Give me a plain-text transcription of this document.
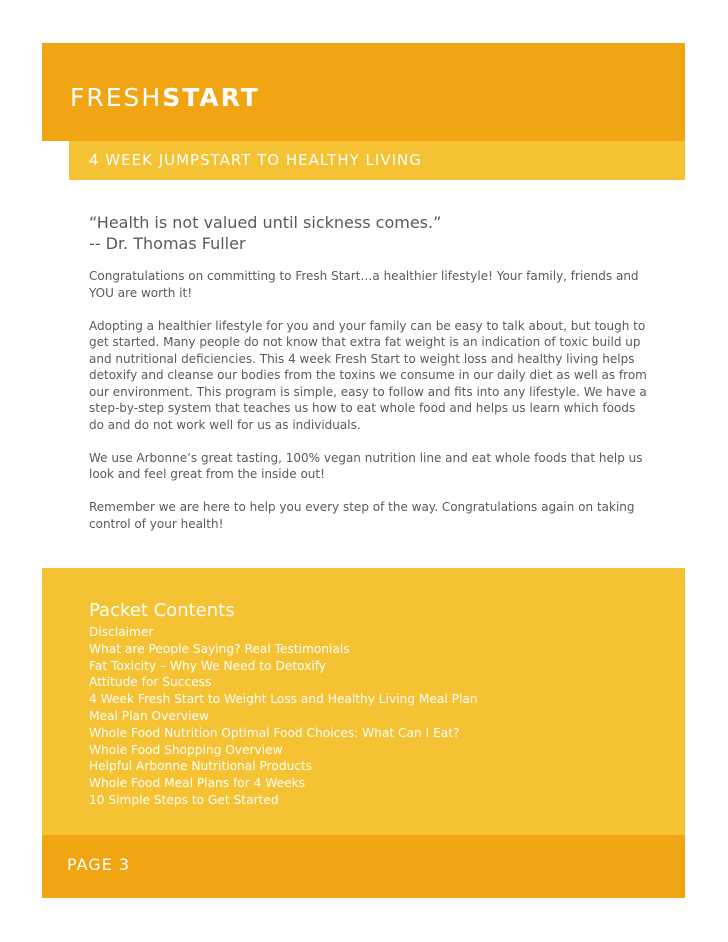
FRESHSTART
4 WEEK JUMPSTART TO HEALTHY LIVING
“Health is not valued until sickness comes.”
-- Dr. Thomas Fuller

Congratulations on committing to Fresh Start…a healthier lifestyle! Your family, friends and YOU are worth it!

Adopting a healthier lifestyle for you and your family can be easy to talk about, but tough to get started. Many people do not know that extra fat weight is an indication of toxic build up and nutritional deficiencies. This 4 week Fresh Start to weight loss and healthy living helps detoxify and cleanse our bodies from the toxins we consume in our daily diet as well as from our environment. This program is simple, easy to follow and fits into any lifestyle. We have a step-by-step system that teaches us how to eat whole food and helps us learn which foods do and do not work well for us as individuals.

We use Arbonne’s great tasting, 100% vegan nutrition line and eat whole foods that help us look and feel great from the inside out!

Remember we are here to help you every step of the way. Congratulations again on taking control of your health!

Packet Contents
Disclaimer
What are People Saying? Real Testimonials
Fat Toxicity – Why We Need to Detoxify
Attitude for Success
4 Week Fresh Start to Weight Loss and Healthy Living Meal Plan
Meal Plan Overview
Whole Food Nutrition Optimal Food Choices: What Can I Eat?
Whole Food Shopping Overview
Helpful Arbonne Nutritional Products
Whole Food Meal Plans for 4 Weeks
10 Simple Steps to Get Started
PAGE 3
